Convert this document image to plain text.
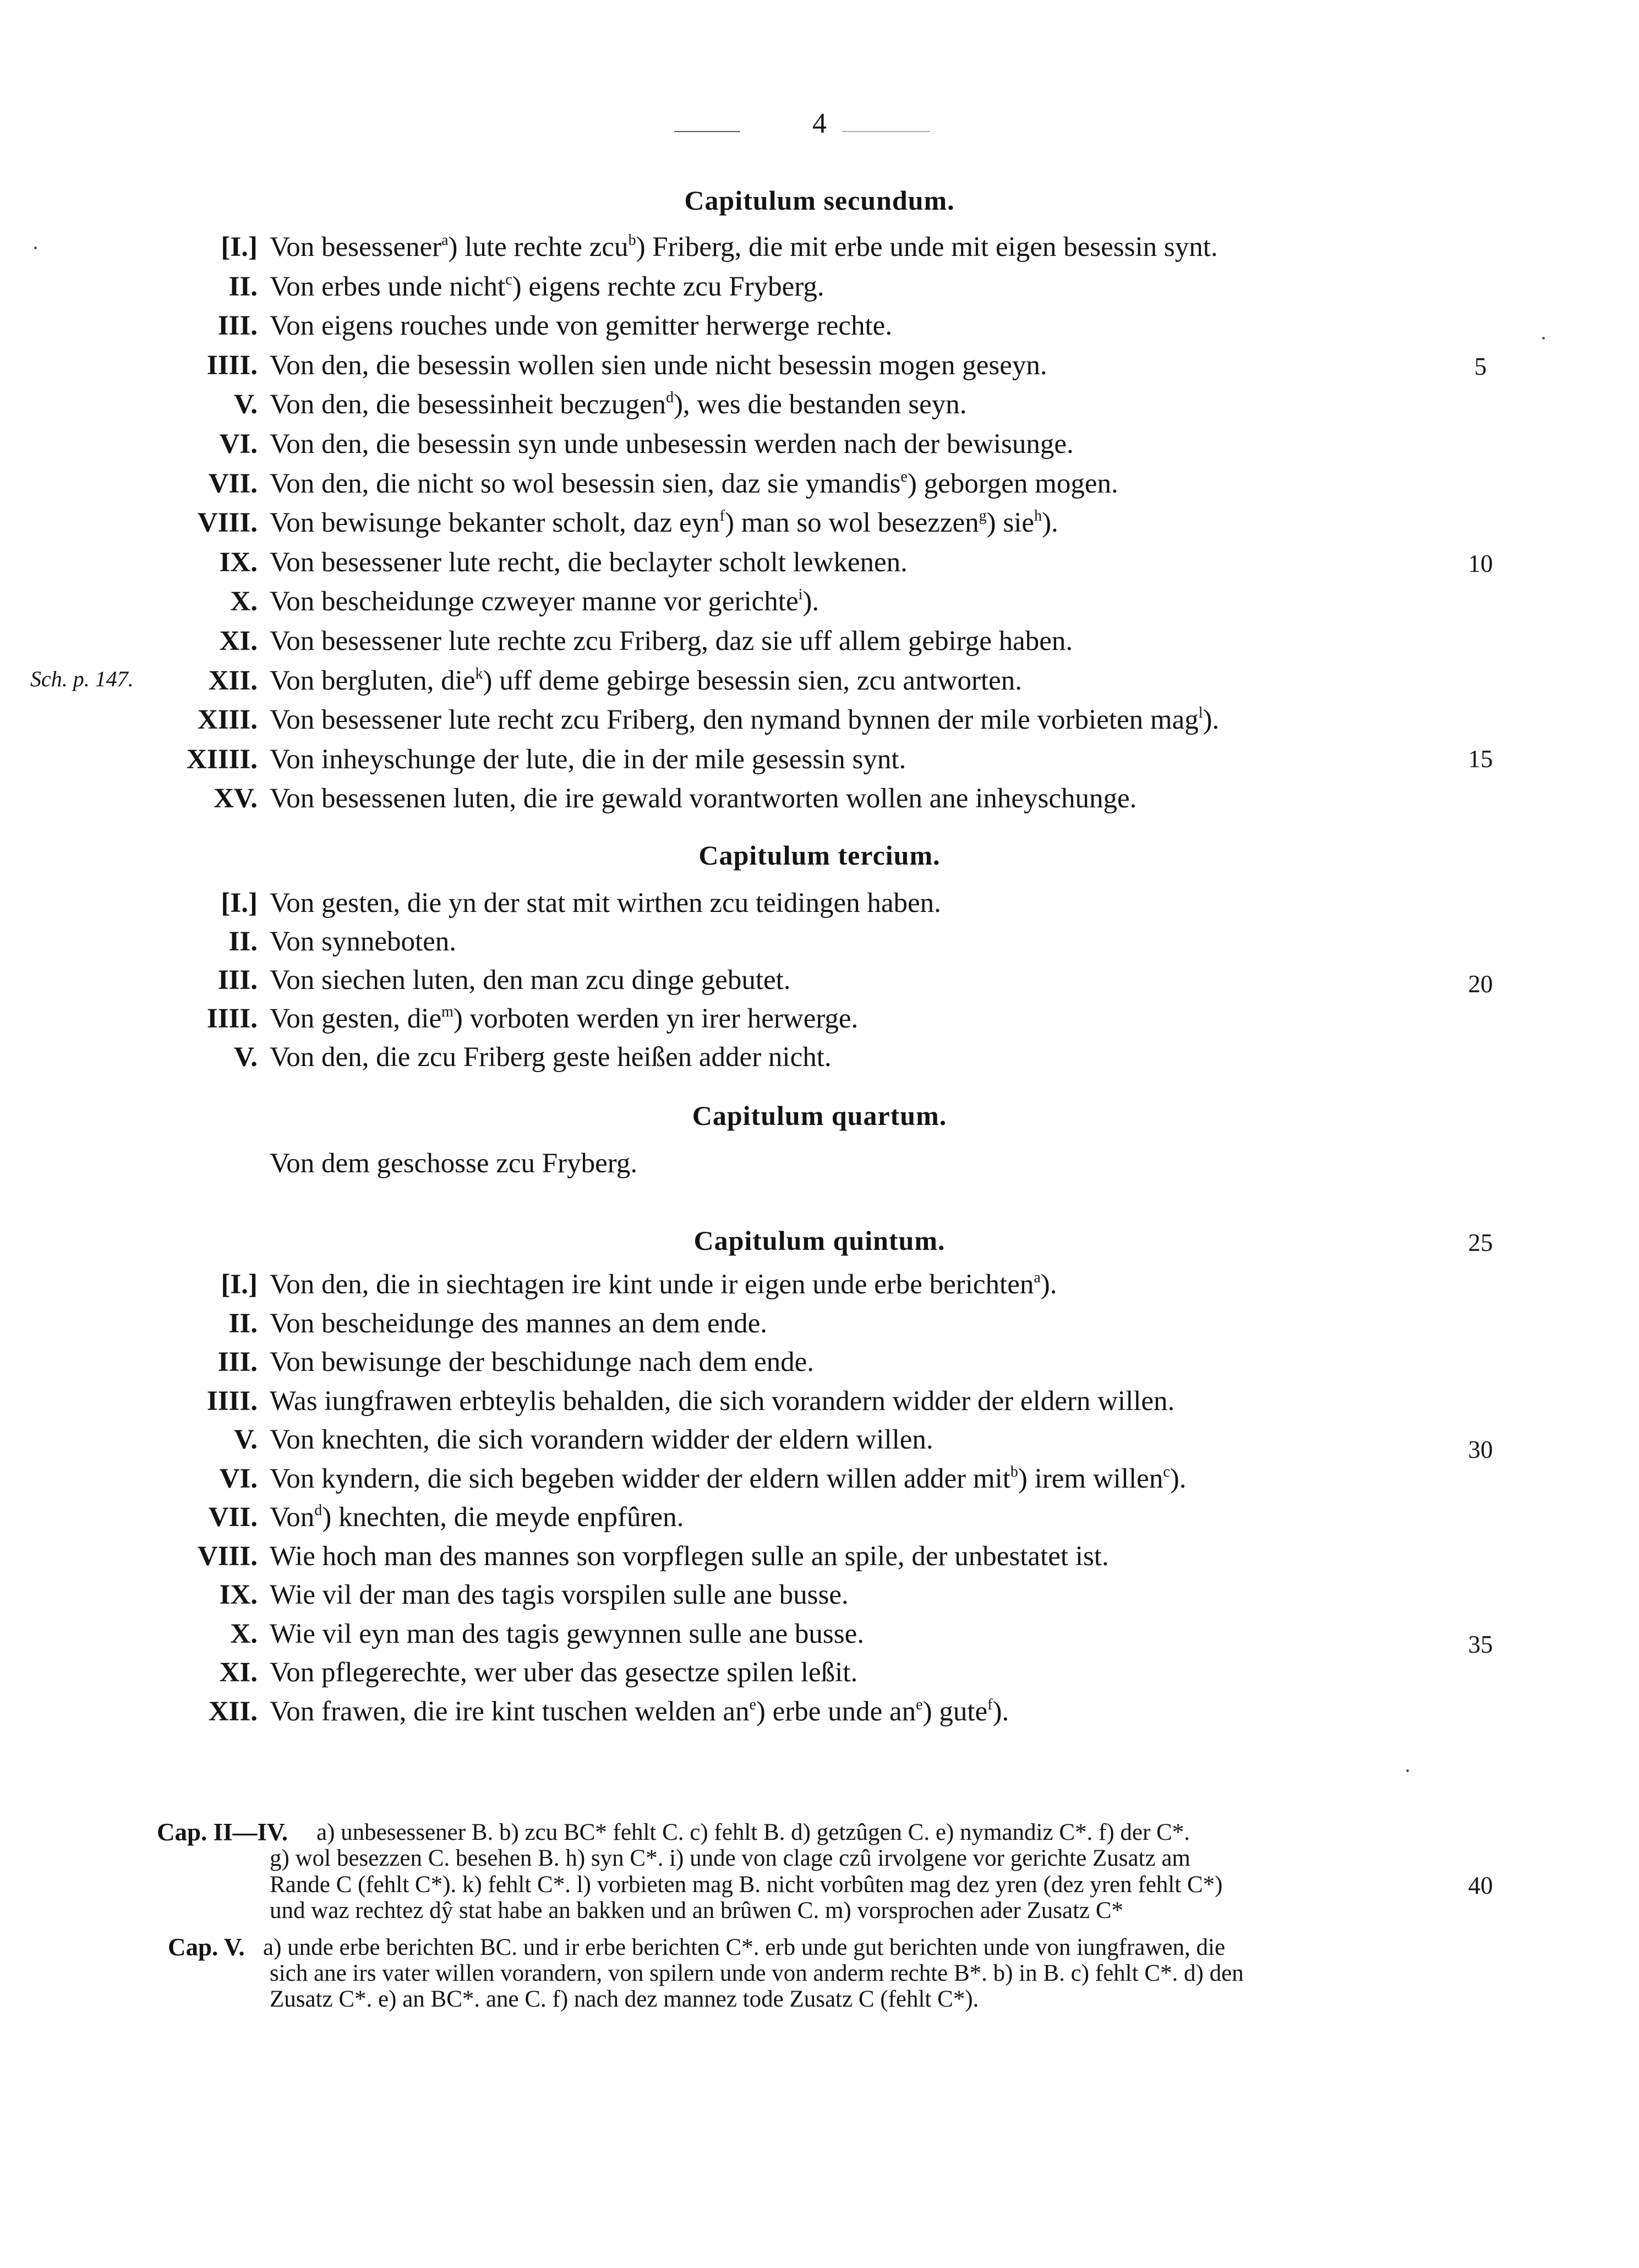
4
Capitulum secundum.
[I.] Von besessener$^a$) lute rechte zcu$^b$) Friberg, die mit erbe unde mit eigen besessin synt.
II. Von erbes unde nicht$^c$) eigens rechte zcu Fryberg.
III. Von eigens rouches unde von gemitter herwerge rechte.
IIII. Von den, die besessin wollen sien unde nicht besessin mogen geseyn.
V. Von den, die besessinheit beczugen$^d$), wes die bestanden seyn.
VI. Von den, die besessin syn unde unbesessin werden nach der bewisunge.
VII. Von den, die nicht so wol besessin sien, daz sie ymandis$^e$) geborgen mogen.
VIII. Von bewisunge bekanter scholt, daz eyn$^f$) man so wol besezzen$^g$) sie$^h$).
IX. Von besessener lute recht, die beclayter scholt lewkenen.
X. Von bescheidunge czweyer manne vor gerichte$^i$).
XI. Von besessener lute rechte zcu Friberg, daz sie uff allem gebirge haben.
XII. Von bergluten, die$^k$) uff deme gebirge besessin sien, zcu antworten.
XIII. Von besessener lute recht zcu Friberg, den nymand bynnen der mile vorbieten mag$^l$).
XIIII. Von inheyschunge der lute, die in der mile gesessin synt.
XV. Von besessenen luten, die ire gewald vorantworten wollen ane inheyschunge.
Capitulum tercium.
[I.] Von gesten, die yn der stat mit wirthen zcu teidingen haben.
II. Von synneboten.
III. Von siechen luten, den man zcu dinge gebutet.
IIII. Von gesten, die$^m$) vorboten werden yn irer herwerge.
V. Von den, die zcu Friberg geste heißen adder nicht.
Capitulum quartum.
Von dem geschosse zcu Fryberg.
Capitulum quintum.
[I.] Von den, die in siechtagen ire kint unde ir eigen unde erbe berichten$^a$).
II. Von bescheidunge des mannes an dem ende.
III. Von bewisunge der beschidunge nach dem ende.
IIII. Was iungfrawen erbteylis behalden, die sich vorandern widder der eldern willen.
V. Von knechten, die sich vorandern widder der eldern willen.
VI. Von kyndern, die sich begeben widder der eldern willen adder mit$^b$) irem willen$^c$).
VII. Von$^d$) knechten, die meyde enpfûren.
VIII. Wie hoch man des mannes son vorpflegen sulle an spile, der unbestatet ist.
IX. Wie vil der man des tagis vorspilen sulle ane busse.
X. Wie vil eyn man des tagis gewynnen sulle ane busse.
XI. Von pflegerechte, wer uber das gesectze spilen leßit.
XII. Von frawen, die ire kint tuschen welden $an^e$) erbe unde $an^e$) gute$^f$).
Sch. p. 147.
5
10
15
20
25
30
35
40
Cap. II—IV. a) unbesessener B. b) zcu BC* fehlt C. c) fehlt B. d) getzûgen C. e) nymandiz C*. f) der C*.
g) wol besezzen C. besehen B. h) syn C*. i) unde von clage czû irvolgene vor gerichte Zusatz am
Rande C (fehlt C*). k) fehlt C*. l) vorbieten mag B. nicht vorbûten mag dez yren (dez yren fehlt C*)
und waz rechtez dŷ stat habe an bakken und an brûwen C. m) vorsprochen ader Zusatz C*
Cap. V. a) unde erbe berichten BC. und ir erbe berichten C*. erb unde gut berichten unde von iungfrawen, die
sich ane irs vater willen vorandern, von spilern unde von anderm rechte B*. b) in B. c) fehlt C*. d) den
Zusatz C*. e) an BC*. ane C. f) nach dez mannez tode Zusatz C (fehlt C*).
